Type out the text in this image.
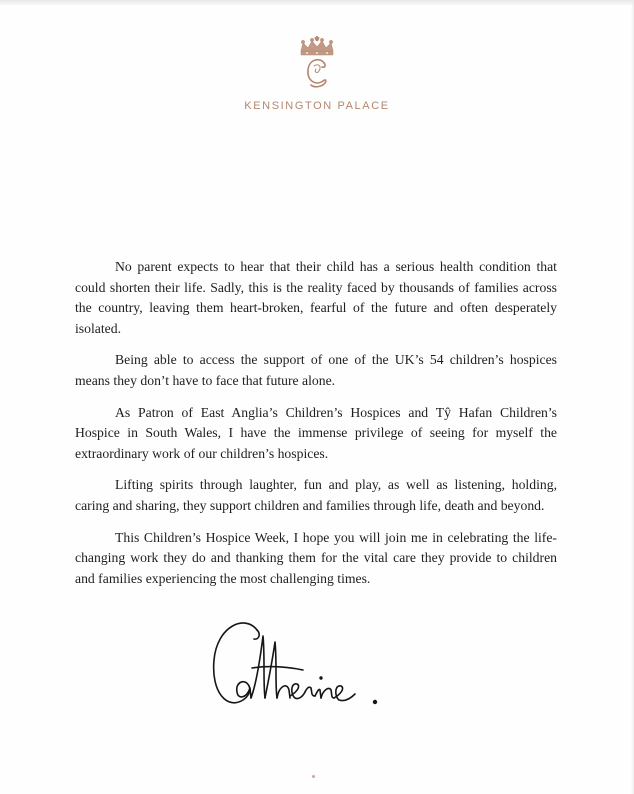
KENSINGTON PALACE

No parent expects to hear that their child has a serious health condition that could shorten their life. Sadly, this is the reality faced by thousands of families across the country, leaving them heart-broken, fearful of the future and often desperately isolated.

Being able to access the support of one of the UK’s 54 children’s hospices means they don’t have to face that future alone.

As Patron of East Anglia’s Children’s Hospices and Tŷ Hafan Children’s Hospice in South Wales, I have the immense privilege of seeing for myself the extraordinary work of our children’s hospices.

Lifting spirits through laughter, fun and play, as well as listening, holding, caring and sharing, they support children and families through life, death and beyond.

This Children’s Hospice Week, I hope you will join me in celebrating the life-changing work they do and thanking them for the vital care they provide to children and families experiencing the most challenging times.
